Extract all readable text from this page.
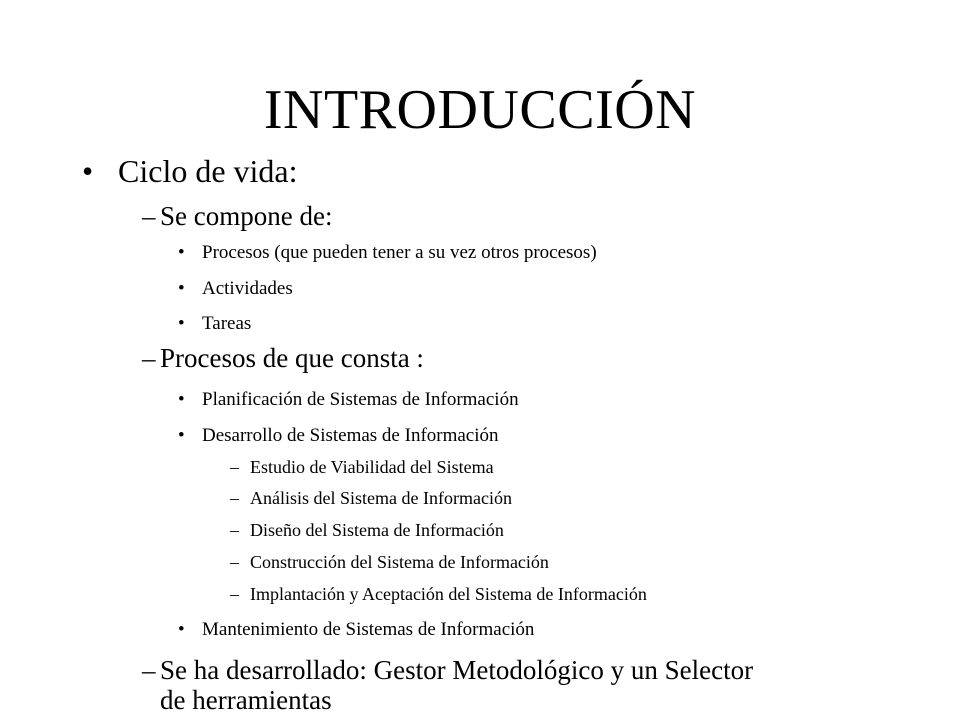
INTRODUCCIÓN
• Ciclo de vida:
– Se compone de:
• Procesos (que pueden tener a su vez otros procesos)
• Actividades
• Tareas
– Procesos de que consta :
• Planificación de Sistemas de Información
• Desarrollo de Sistemas de Información
– Estudio de Viabilidad del Sistema
– Análisis del Sistema de Información
– Diseño del Sistema de Información
– Construcción del Sistema de Información
– Implantación y Aceptación del Sistema de Información
• Mantenimiento de Sistemas de Información
– Se ha desarrollado: Gestor Metodológico y un Selector
de herramientas
